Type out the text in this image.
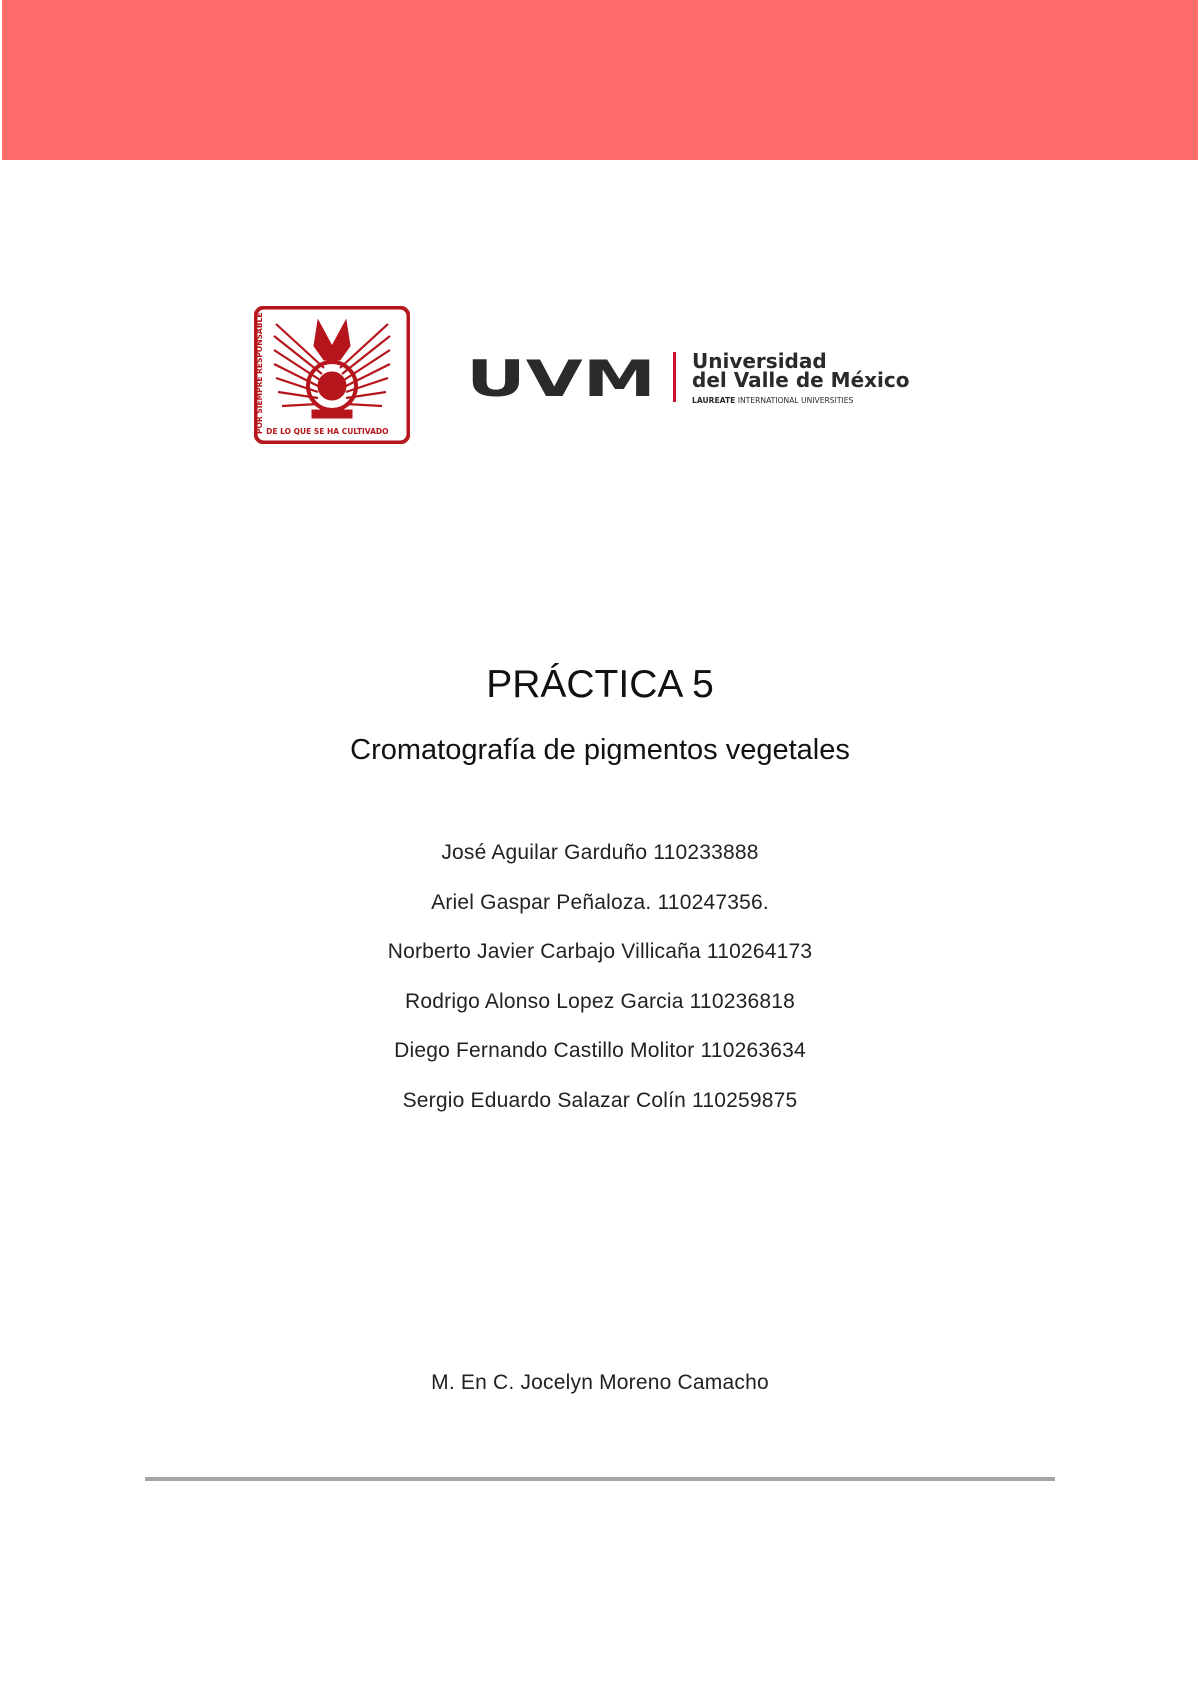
POR SIEMPRE RESPONSABLE DE LO QUE SE HA CULTIVADO
UVM Universidad
del Valle de México
LAUREATE INTERNATIONAL UNIVERSITIES
PRÁCTICA 5
Cromatografía de pigmentos vegetales
José Aguilar Garduño 110233888
Ariel Gaspar Peñaloza. 110247356.
Norberto Javier Carbajo Villicaña 110264173
Rodrigo Alonso Lopez Garcia 110236818
Diego Fernando Castillo Molitor 110263634
Sergio Eduardo Salazar Colín 110259875
M. En C. Jocelyn Moreno Camacho
